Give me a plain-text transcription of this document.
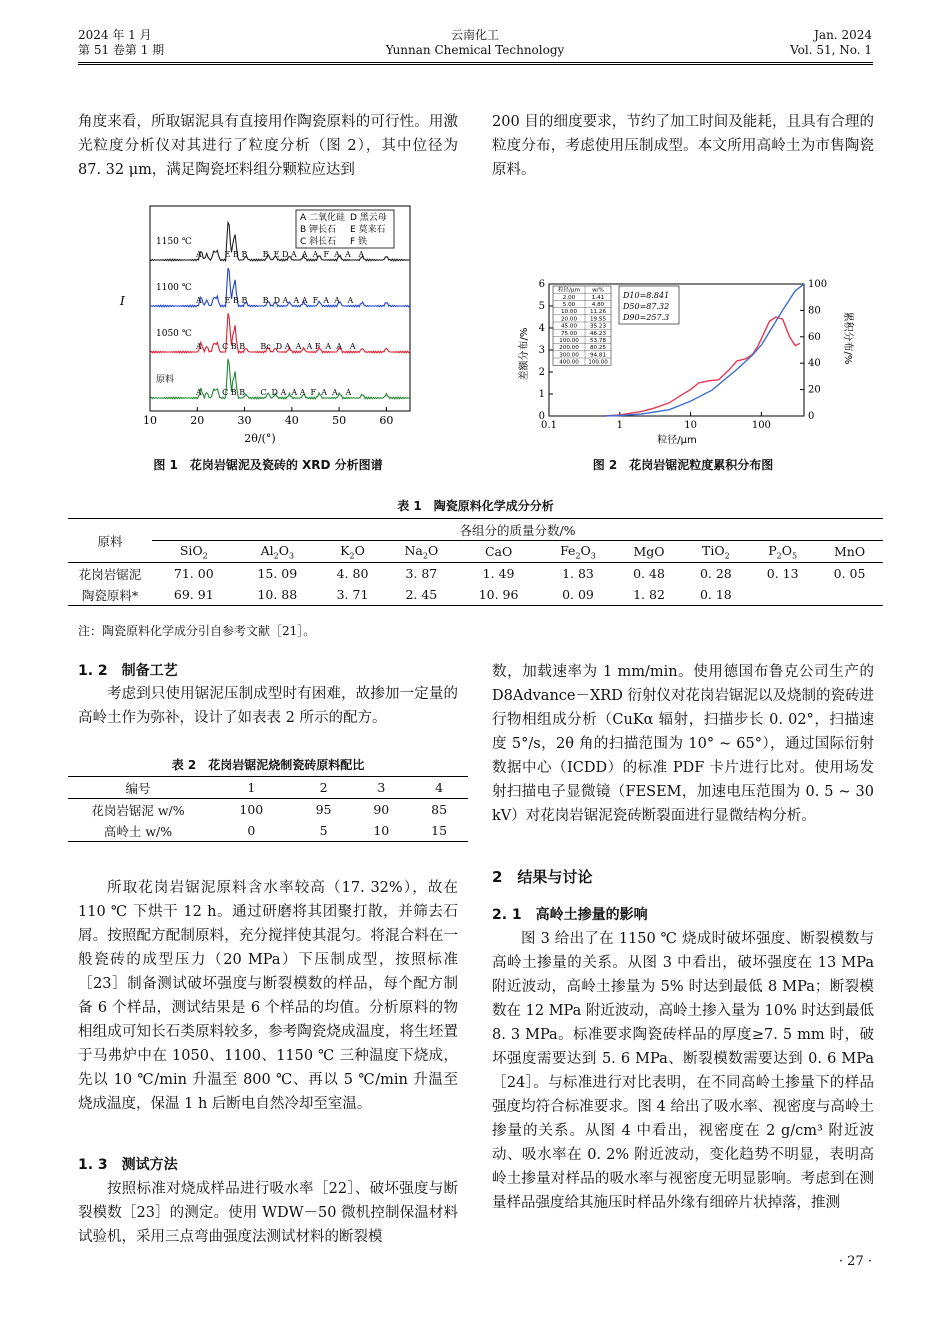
2024 年 1 月
第 51 卷第 1 期
云南化工
Yunnan Chemical Technology
Jan. 2024
Vol. 51, No. 1
角度来看，所取锯泥具有直接用作陶瓷原料的可行性。用激光粒度分析仪对其进行了粒度分析（图 2），其中位径为 87. 32 μm，满足陶瓷坯料组分颗粒应达到
200 目的细度要求，节约了加工时间及能耗，且具有合理的粒度分布，考虑使用压制成型。本文所用高岭土为市售陶瓷原料。
I
10	20	30	40	50	60
1150 ℃
A         E B B      B  E D A  A  A  F  A  A   A
1100 ℃
A         E B B      B  D A  A A  F  A  A   A
1050 ℃
A        C B B      Bc  D A  A  A F  A  A   A
原料
A        C B B      C  D A  A A  F  A  A   A
2θ/(°)
A 二氧化硅 D 黑云母
B 钾长石 E 莫来石
C 斜长石 F 铁
图 1　花岗岩锯泥及瓷砖的 XRD 分析图谱
0.1	1	10	100
0
1
2
3
4
5
6
0
20
40
60
80
100
差额分布/%	累积分布/%
粒径/μm
粒径/μm w/%
2.00	1.41
5.00	4.80
10.00 11.26
20.00 19.55
45.00 35.23
75.00 46.23
100.00 53.78
200.00 80.25
300.00 94.81
400.00 100.00
D10=8.841
D50=87.32
D90=257.3
图 2　花岗岩锯泥粒度累积分布图
表 1　陶瓷原料化学成分分析
原料	各组分的质量分数/%									
	SiO$_2$	$Al_2O_3$	$K_2O$	$Na_2O$	CaO	$Fe_2O_3$	MgO	TiO$_2$	$P_2O_5$	MnO
花岗岩锯泥	71. 00	15. 09	4. 80	3. 87	1. 49	1. 83	0. 48	0. 28	0. 13	0. 05
陶瓷原料*	69. 91	10. 88	3. 71	2. 45	10. 96	0. 09	1. 82	0. 18		
注：陶瓷原料化学成分引自参考文献［21］。
1. 2　制备工艺
考虑到只使用锯泥压制成型时有困难，故掺加一定量的高岭土作为弥补，设计了如表表 2 所示的配方。
表 2　花岗岩锯泥烧制瓷砖原料配比
编号	1	2	3	4
花岗岩锯泥 w/%	100	95	90	85
高岭土 w/%	0	5	10	15
所取花岗岩锯泥原料含水率较高（17. 32%），故在 110 ℃ 下烘干 12 h。通过研磨将其团聚打散，并筛去石屑。按照配方配制原料，充分搅拌使其混匀。将混合料在一般瓷砖的成型压力（20 MPa）下压制成型，按照标准［23］制备测试破坏强度与断裂模数的样品，每个配方制备 6 个样品，测试结果是 6 个样品的均值。分析原料的物相组成可知长石类原料较多，参考陶瓷烧成温度，将生坯置于马弗炉中在 1050、1100、1150 ℃ 三种温度下烧成，先以 10 ℃/min 升温至 800 ℃、再以 5 ℃/min 升温至烧成温度，保温 1 h 后断电自然冷却至室温。
1. 3　测试方法
按照标准对烧成样品进行吸水率［22］、破坏强度与断裂模数［23］的测定。使用 WDW－50 微机控制保温材料试验机，采用三点弯曲强度法测试材料的断裂模
数，加载速率为 1 mm/min。使用德国布鲁克公司生产的 D8Advance－XRD 衍射仪对花岗岩锯泥以及烧制的瓷砖进行物相组成分析（CuKα 辐射，扫描步长 0. 02°，扫描速度 5°/s，2θ 角的扫描范围为 10° ~ 65°），通过国际衍射数据中心（ICDD）的标准 PDF 卡片进行比对。使用场发射扫描电子显微镜（FESEM，加速电压范围为 0. 5 ~ 30 kV）对花岗岩锯泥瓷砖断裂面进行显微结构分析。
2　结果与讨论
2. 1　高岭土掺量的影响
图 3 给出了在 1150 ℃ 烧成时破坏强度、断裂模数与高岭土掺量的关系。从图 3 中看出，破坏强度在 13 MPa 附近波动，高岭土掺量为 5% 时达到最低 8 MPa；断裂模数在 12 MPa 附近波动，高岭土掺入量为 10% 时达到最低 8. 3 MPa。标准要求陶瓷砖样品的厚度≥7. 5 mm 时，破坏强度需要达到 5. 6 MPa、断裂模数需要达到 0. 6 MPa［24］。与标准进行对比表明，在不同高岭土掺量下的样品强度均符合标准要求。图 4 给出了吸水率、视密度与高岭土掺量的关系。从图 4 中看出，视密度在 2 g/cm³ 附近波动、吸水率在 0. 2% 附近波动，变化趋势不明显，表明高岭土掺量对样品的吸水率与视密度无明显影响。考虑到在测量样品强度给其施压时样品外缘有细碎片状掉落，推测
· 27 ·
